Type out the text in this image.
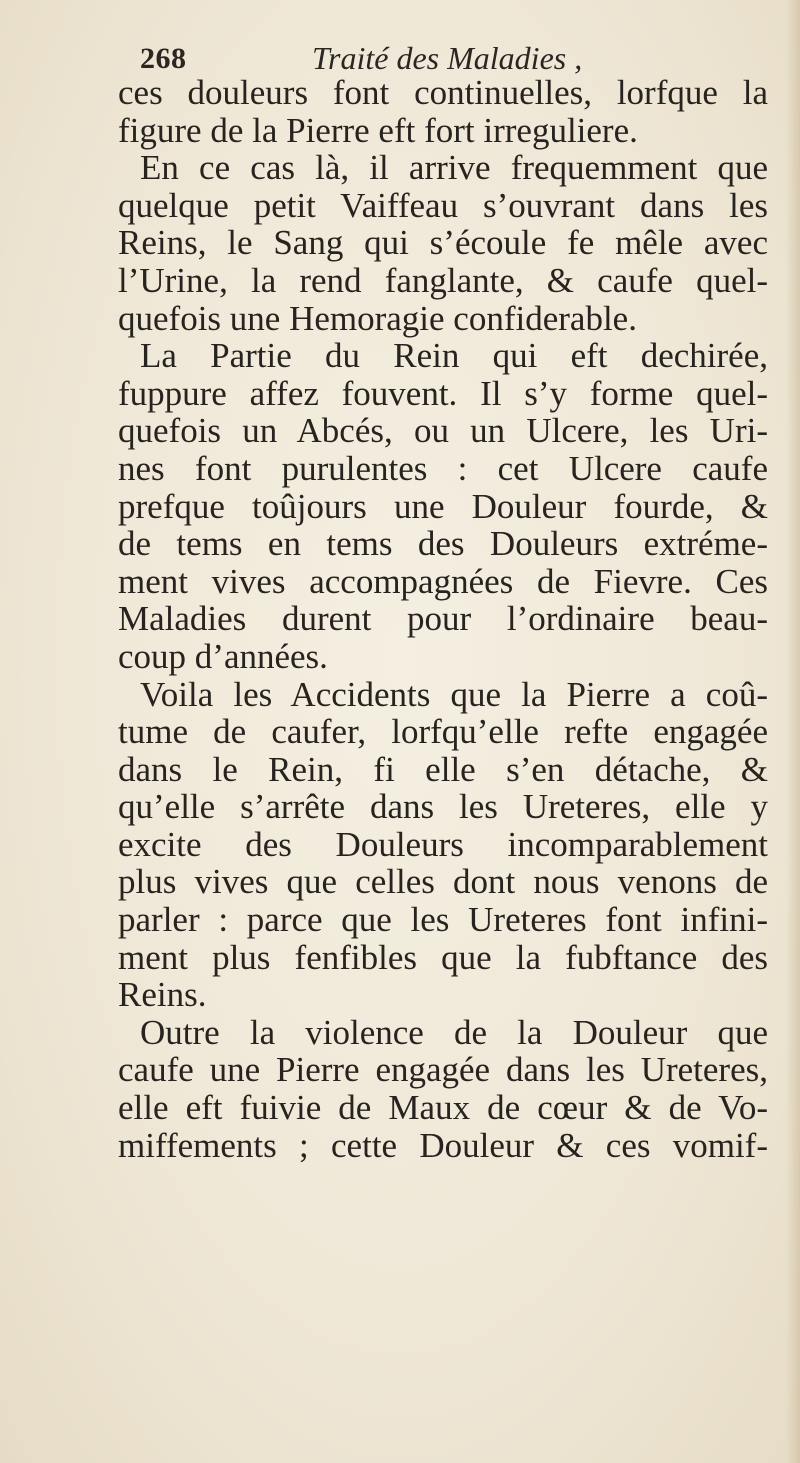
268	Traité des Maladies ,
ces douleurs font continuelles, lorfque la
figure de la Pierre eft fort irreguliere.
En ce cas là, il arrive frequemment que
quelque petit Vaiffeau s’ouvrant dans les
Reins, le Sang qui s’écoule fe mêle avec
l’Urine, la rend fanglante, & caufe quel-
quefois une Hemoragie confiderable.
La Partie du Rein qui eft dechirée,
fuppure affez fouvent. Il s’y forme quel-
quefois un Abcés, ou un Ulcere, les Uri-
nes font purulentes : cet Ulcere caufe
prefque toûjours une Douleur fourde, &
de tems en tems des Douleurs extréme-
ment vives accompagnées de Fievre. Ces
Maladies durent pour l’ordinaire beau-
coup d’années.
Voila les Accidents que la Pierre a coû-
tume de caufer, lorfqu’elle refte engagée
dans le Rein, fi elle s’en détache, &
qu’elle s’arrête dans les Ureteres, elle y
excite des Douleurs incomparablement
plus vives que celles dont nous venons de
parler : parce que les Ureteres font infini-
ment plus fenfibles que la fubftance des
Reins.
Outre la violence de la Douleur que
caufe une Pierre engagée dans les Ureteres,
elle eft fuivie de Maux de cœur & de Vo-
miffements ; cette Douleur & ces vomif-
